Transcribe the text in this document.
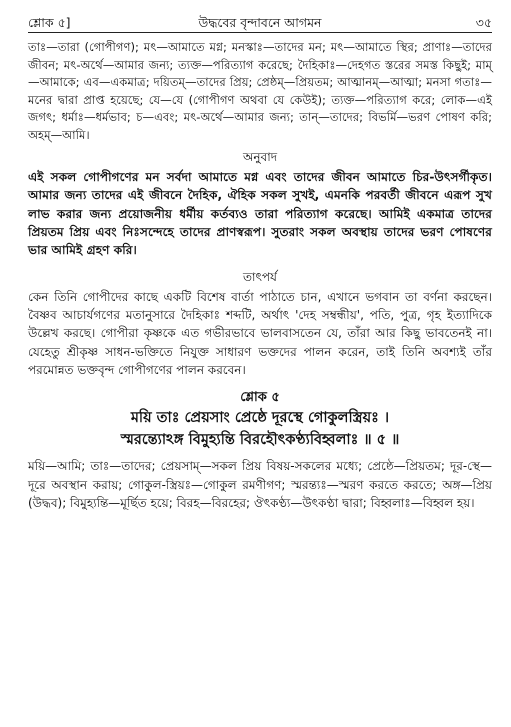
শ্লোক ৫]	উদ্ধবের বৃন্দাবনে আগমন	৩৫

তাঃ—তারা (গোপীগণ); মৎ—আমাতে মগ্ন; মনস্কাঃ—তাদের মন; মৎ—আমাতে স্থির; প্রাণাঃ—তাদের জীবন; মৎ-অর্থে—আমার জন্য; ত্যক্ত—পরিত্যাগ করেছে; দৈহিকাঃ—দেহগত স্তরের সমস্ত কিছুই; মাম্—আমাকে; এব—একমাত্র; দয়িতম্—তাদের প্রিয়; প্রেষ্ঠম্—প্রিয়তম; আত্মানম্—আত্মা; মনসা গতাঃ—মনের দ্বারা প্রাপ্ত হয়েছে; যে—যে (গোপীগণ অথবা যে কেউই); ত্যক্ত—পরিত্যাগ করে; লোক—এই জগৎ; ধর্মাঃ—ধর্মভাব; চ—এবং; মৎ-অর্থে—আমার জন্য; তান্—তাদের; বিভর্মি—ভরণ পোষণ করি; অহম্—আমি।

অনুবাদ

এই সকল গোপীগণের মন সর্বদা আমাতে মগ্ন এবং তাদের জীবন আমাতে চির-উৎসর্গীকৃত। আমার জন্য তাদের এই জীবনে দৈহিক, ঐহিক সকল সুখই, এমনকি পরবর্তী জীবনে এরূপ সুখ লাভ করার জন্য প্রয়োজনীয় ধর্মীয় কর্তব্যও তারা পরিত্যাগ করেছে। আমিই একমাত্র তাদের প্রিয়তম প্রিয় এবং নিঃসন্দেহে তাদের প্রাণস্বরূপ। সুতরাং সকল অবস্থায় তাদের ভরণ পোষণের ভার আমিই গ্রহণ করি।

তাৎপর্য

কেন তিনি গোপীদের কাছে একটি বিশেষ বার্তা পাঠাতে চান, এখানে ভগবান তা বর্ণনা করছেন। বৈষ্ণব আচার্যগণের মতানুসারে দৈহিকাঃ শব্দটি, অর্থাৎ 'দেহ সম্বন্ধীয়', পতি, পুত্র, গৃহ ইত্যাদিকে উল্লেখ করছে। গোপীরা কৃষ্ণকে এত গভীরভাবে ভালবাসতেন যে, তাঁরা আর কিছু ভাবতেনই না। যেহেতু শ্রীকৃষ্ণ সাধন-ভক্তিতে নিযুক্ত সাধারণ ভক্তদের পালন করেন, তাই তিনি অবশ্যই তাঁর পরমোন্নত ভক্তবৃন্দ গোপীগণের পালন করবেন।

শ্লোক ৫
ময়ি তাঃ প্রেয়সাং প্রেষ্ঠে দূরস্থে গোকুলস্ত্রিয়ঃ ।
স্মরন্ত্যোঽঙ্গ বিমুহ্যন্তি বিরহৌৎকণ্ঠ্যবিহ্বলাঃ ॥ ৫ ॥

ময়ি—আমি; তাঃ—তাদের; প্রেয়সাম্—সকল প্রিয় বিষয়-সকলের মধ্যে; প্রেষ্ঠে—প্রিয়তম; দূর-স্থে—দূরে অবস্থান করায়; গোকুল-স্ত্রিয়ঃ—গোকুল রমণীগণ; স্মরন্ত্যঃ—স্মরণ করতে করতে; অঙ্গ—প্রিয় (উদ্ধব); বিমুহ্যন্তি—মূর্ছিত হয়ে; বিরহ—বিরহের; ঔৎকণ্ঠ্য—উৎকণ্ঠা দ্বারা; বিহ্বলাঃ—বিহ্বল হয়।
